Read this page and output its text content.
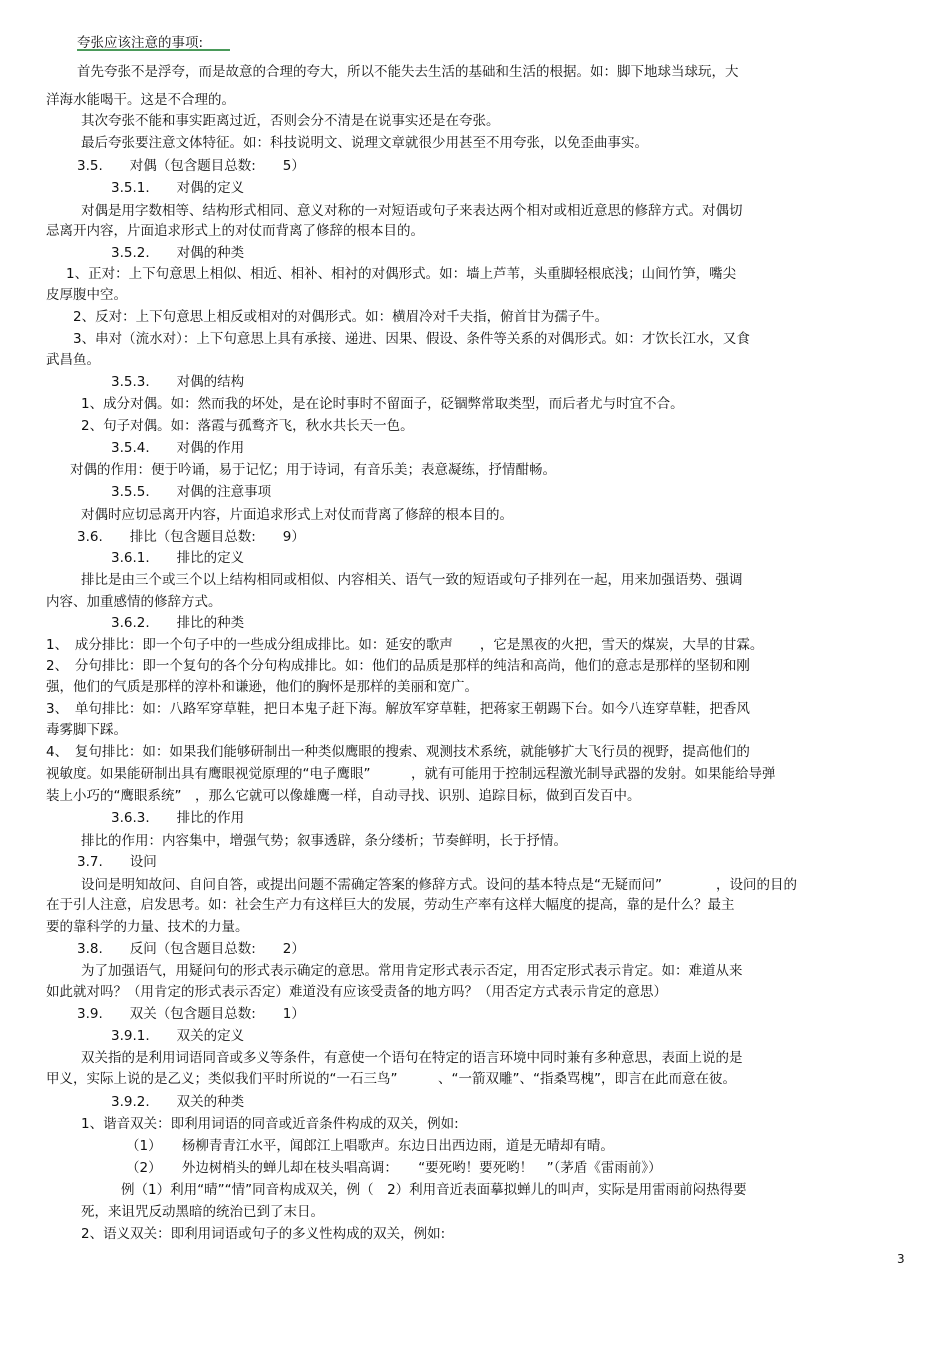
夸张应该注意的事项:
首先夸张不是浮夸，而是故意的合理的夸大，所以不能失去生活的基础和生活的根据。如：脚下地球当球玩，大
洋海水能喝干。这是不合理的。
其次夸张不能和事实距离过近，否则会分不清是在说事实还是在夸张。
最后夸张要注意文体特征。如：科技说明文、说理文章就很少用甚至不用夸张，以免歪曲事实。
3.5.　　对偶（包含题目总数:　　5）
3.5.1.　　对偶的定义
对偶是用字数相等、结构形式相同、意义对称的一对短语或句子来表达两个相对或相近意思的修辞方式。对偶切
忌离开内容，片面追求形式上的对仗而背离了修辞的根本目的。
3.5.2.　　对偶的种类
1、正对：上下句意思上相似、相近、相补、相衬的对偶形式。如：墙上芦苇，头重脚轻根底浅；山间竹笋，嘴尖
皮厚腹中空。
2、反对：上下句意思上相反或相对的对偶形式。如：横眉冷对千夫指，俯首甘为孺子牛。
3、串对（流水对）：上下句意思上具有承接、递进、因果、假设、条件等关系的对偶形式。如：才饮长江水，又食
武昌鱼。
3.5.3.　　对偶的结构
1、成分对偶。如：然而我的坏处，是在论时事时不留面子，砭锢弊常取类型，而后者尤与时宜不合。
2、句子对偶。如：落霞与孤鹜齐飞，秋水共长天一色。
3.5.4.　　对偶的作用
对偶的作用：便于吟诵，易于记忆；用于诗词，有音乐美；表意凝练，抒情酣畅。
3.5.5.　　对偶的注意事项
对偶时应切忌离开内容，片面追求形式上对仗而背离了修辞的根本目的。
3.6.　　排比（包含题目总数:　　9）
3.6.1.　　排比的定义
排比是由三个或三个以上结构相同或相似、内容相关、语气一致的短语或句子排列在一起，用来加强语势、强调
内容、加重感情的修辞方式。
3.6.2.　　排比的种类
1、　成分排比：即一个句子中的一些成分组成排比。如：延安的歌声　　，它是黑夜的火把，雪天的煤炭，大旱的甘霖。
2、　分句排比：即一个复句的各个分句构成排比。如：他们的品质是那样的纯洁和高尚，他们的意志是那样的坚韧和刚
强，他们的气质是那样的淳朴和谦逊，他们的胸怀是那样的美丽和宽广。
3、　单句排比：如：八路军穿草鞋，把日本鬼子赶下海。解放军穿草鞋，把蒋家王朝踢下台。如今八连穿草鞋，把香风
毒雾脚下踩。
4、　复句排比：如：如果我们能够研制出一种类似鹰眼的搜索、观测技术系统，就能够扩大飞行员的视野，提高他们的
视敏度。如果能研制出具有鹰眼视觉原理的“电子鹰眼”　　　，就有可能用于控制远程激光制导武器的发射。如果能给导弹
装上小巧的“鹰眼系统”　，那么它就可以像雄鹰一样，自动寻找、识别、追踪目标，做到百发百中。
3.6.3.　　排比的作用
排比的作用：内容集中，增强气势；叙事透辟，条分缕析；节奏鲜明，长于抒情。
3.7.　　设问
设问是明知故问、自问自答，或提出问题不需确定答案的修辞方式。设问的基本特点是“无疑而问”　　　　，设问的目的
在于引人注意，启发思考。如：社会生产力有这样巨大的发展，劳动生产率有这样大幅度的提高，靠的是什么？最主
要的靠科学的力量、技术的力量。
3.8.　　反问（包含题目总数:　　2）
为了加强语气，用疑问句的形式表示确定的意思。常用肯定形式表示否定，用否定形式表示肯定。如：难道从来
如此就对吗？（用肯定的形式表示否定）难道没有应该受责备的地方吗？（用否定方式表示肯定的意思）
3.9.　　双关（包含题目总数:　　1）
3.9.1.　　双关的定义
双关指的是利用词语同音或多义等条件，有意使一个语句在特定的语言环境中同时兼有多种意思，表面上说的是
甲义，实际上说的是乙义；类似我们平时所说的“一石三鸟”　　　、“一箭双雕”、“指桑骂槐”，即言在此而意在彼。
3.9.2.　　双关的种类
1、谐音双关：即利用词语的同音或近音条件构成的双关，例如:
（1）　　杨柳青青江水平，闻郎江上唱歌声。东边日出西边雨，道是无晴却有晴。
（2）　　外边树梢头的蝉儿却在枝头唱高调：　　“要死哟！要死哟！　”（茅盾《雷雨前》）
例（1）利用“晴”“情”同音构成双关，例（　2）利用音近表面摹拟蝉儿的叫声，实际是用雷雨前闷热得要
死，来诅咒反动黑暗的统治已到了末日。
2、语义双关：即利用词语或句子的多义性构成的双关，例如:
3
